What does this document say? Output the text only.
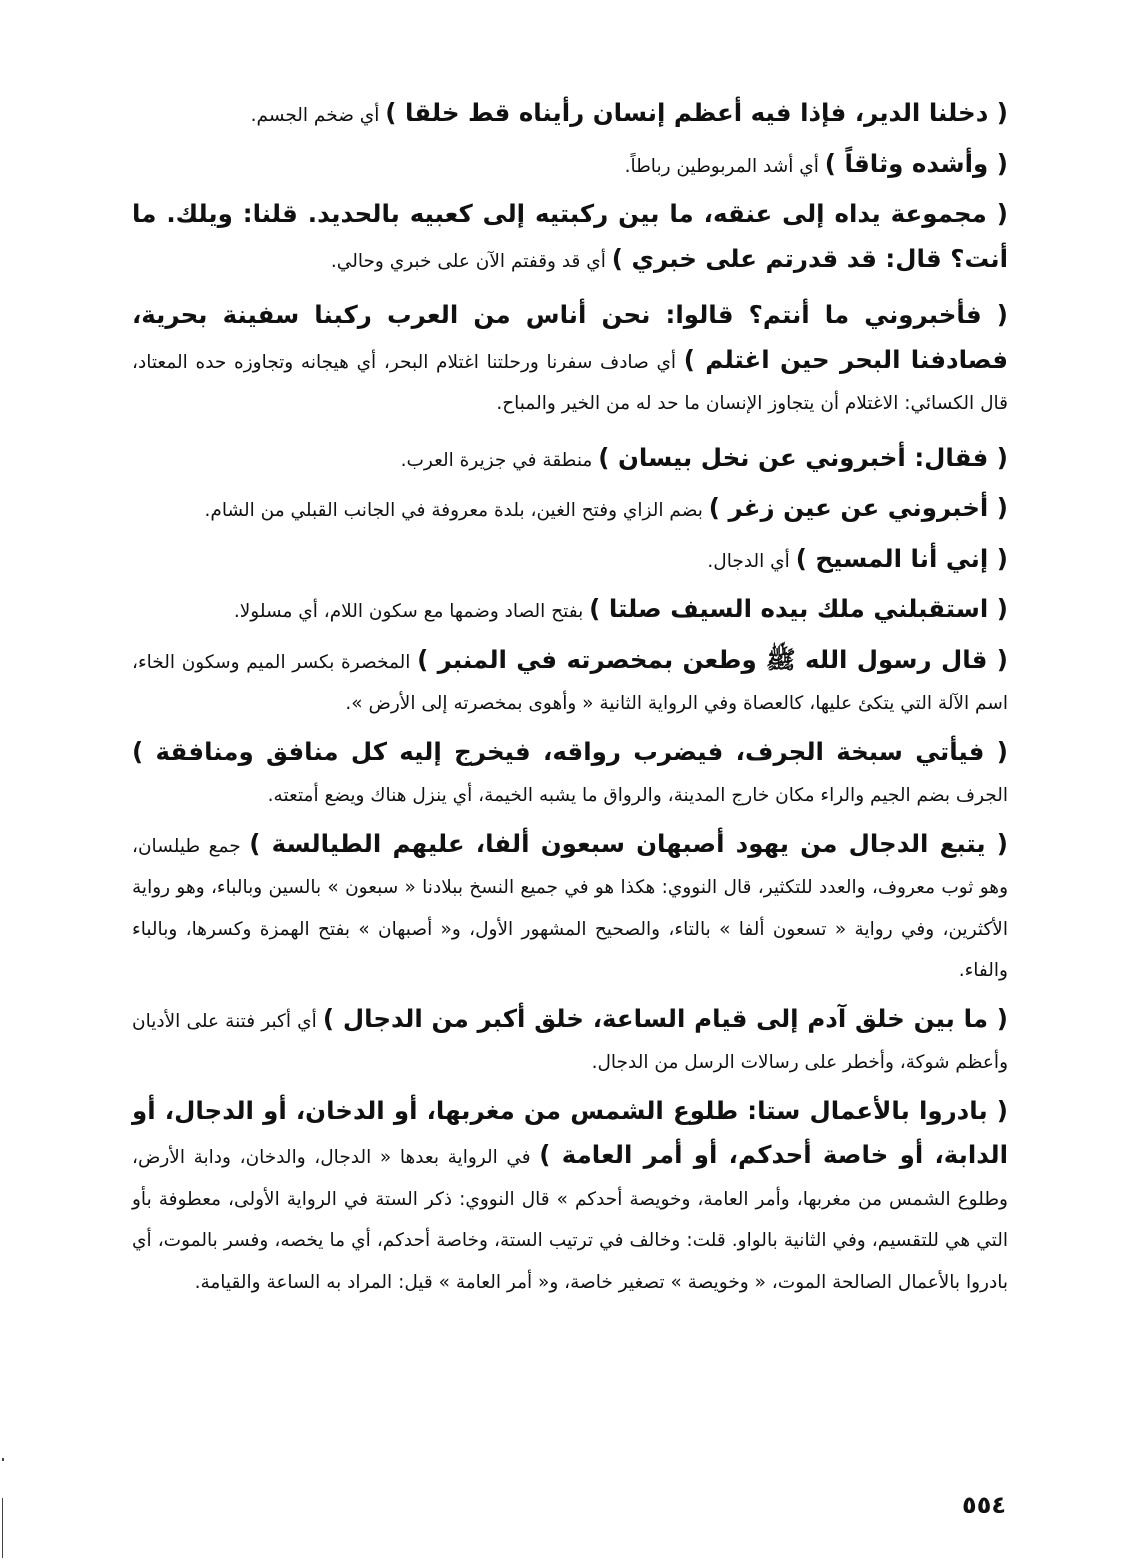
( دخلنا الدير، فإذا فيه أعظم إنسان رأيناه قط خلقا ) أي ضخم الجسم.

( وأشده وثاقاً ) أي أشد المربوطين رباطاً.

( مجموعة يداه إلى عنقه، ما بين ركبتيه إلى كعبيه بالحديد. قلنا: ويلك. ما أنت؟ قال: قد قدرتم على خبري ) أي قد وقفتم الآن على خبري وحالي.

( فأخبروني ما أنتم؟ قالوا: نحن أناس من العرب ركبنا سفينة بحرية، فصادفنا البحر حين اغتلم ) أي صادف سفرنا ورحلتنا اغتلام البحر، أي هيجانه وتجاوزه حده المعتاد، قال الكسائي: الاغتلام أن يتجاوز الإنسان ما حد له من الخير والمباح.

( فقال: أخبروني عن نخل بيسان ) منطقة في جزيرة العرب.

( أخبروني عن عين زغر ) بضم الزاي وفتح الغين، بلدة معروفة في الجانب القبلي من الشام.

( إني أنا المسيح ) أي الدجال.

( استقبلني ملك بيده السيف صلتا ) بفتح الصاد وضمها مع سكون اللام، أي مسلولا.

( قال رسول الله ﷺ وطعن بمخصرته في المنبر ) المخصرة بكسر الميم وسكون الخاء، اسم الآلة التي يتكئ عليها، كالعصاة وفي الرواية الثانية « وأهوى بمخصرته إلى الأرض ».

( فيأتي سبخة الجرف، فيضرب رواقه، فيخرج إليه كل منافق ومنافقة ) الجرف بضم الجيم والراء مكان خارج المدينة، والرواق ما يشبه الخيمة، أي ينزل هناك ويضع أمتعته.

( يتبع الدجال من يهود أصبهان سبعون ألفا، عليهم الطيالسة ) جمع طيلسان، وهو ثوب معروف، والعدد للتكثير، قال النووي: هكذا هو في جميع النسخ ببلادنا « سبعون » بالسين وبالباء، وهو رواية الأكثرين، وفي رواية « تسعون ألفا » بالتاء، والصحيح المشهور الأول، و« أصبهان » بفتح الهمزة وكسرها، وبالباء والفاء.

( ما بين خلق آدم إلى قيام الساعة، خلق أكبر من الدجال ) أي أكبر فتنة على الأديان وأعظم شوكة، وأخطر على رسالات الرسل من الدجال.

( بادروا بالأعمال ستا: طلوع الشمس من مغربها، أو الدخان، أو الدجال، أو الدابة، أو خاصة أحدكم، أو أمر العامة ) في الرواية بعدها « الدجال، والدخان، ودابة الأرض، وطلوع الشمس من مغربها، وأمر العامة، وخويصة أحدكم » قال النووي: ذكر الستة في الرواية الأولى، معطوفة بأو التي هي للتقسيم، وفي الثانية بالواو. قلت: وخالف في ترتيب الستة، وخاصة أحدكم، أي ما يخصه، وفسر بالموت، أي بادروا بالأعمال الصالحة الموت، « وخويصة » تصغير خاصة، و« أمر العامة » قيل: المراد به الساعة والقيامة.

٥٥٤
